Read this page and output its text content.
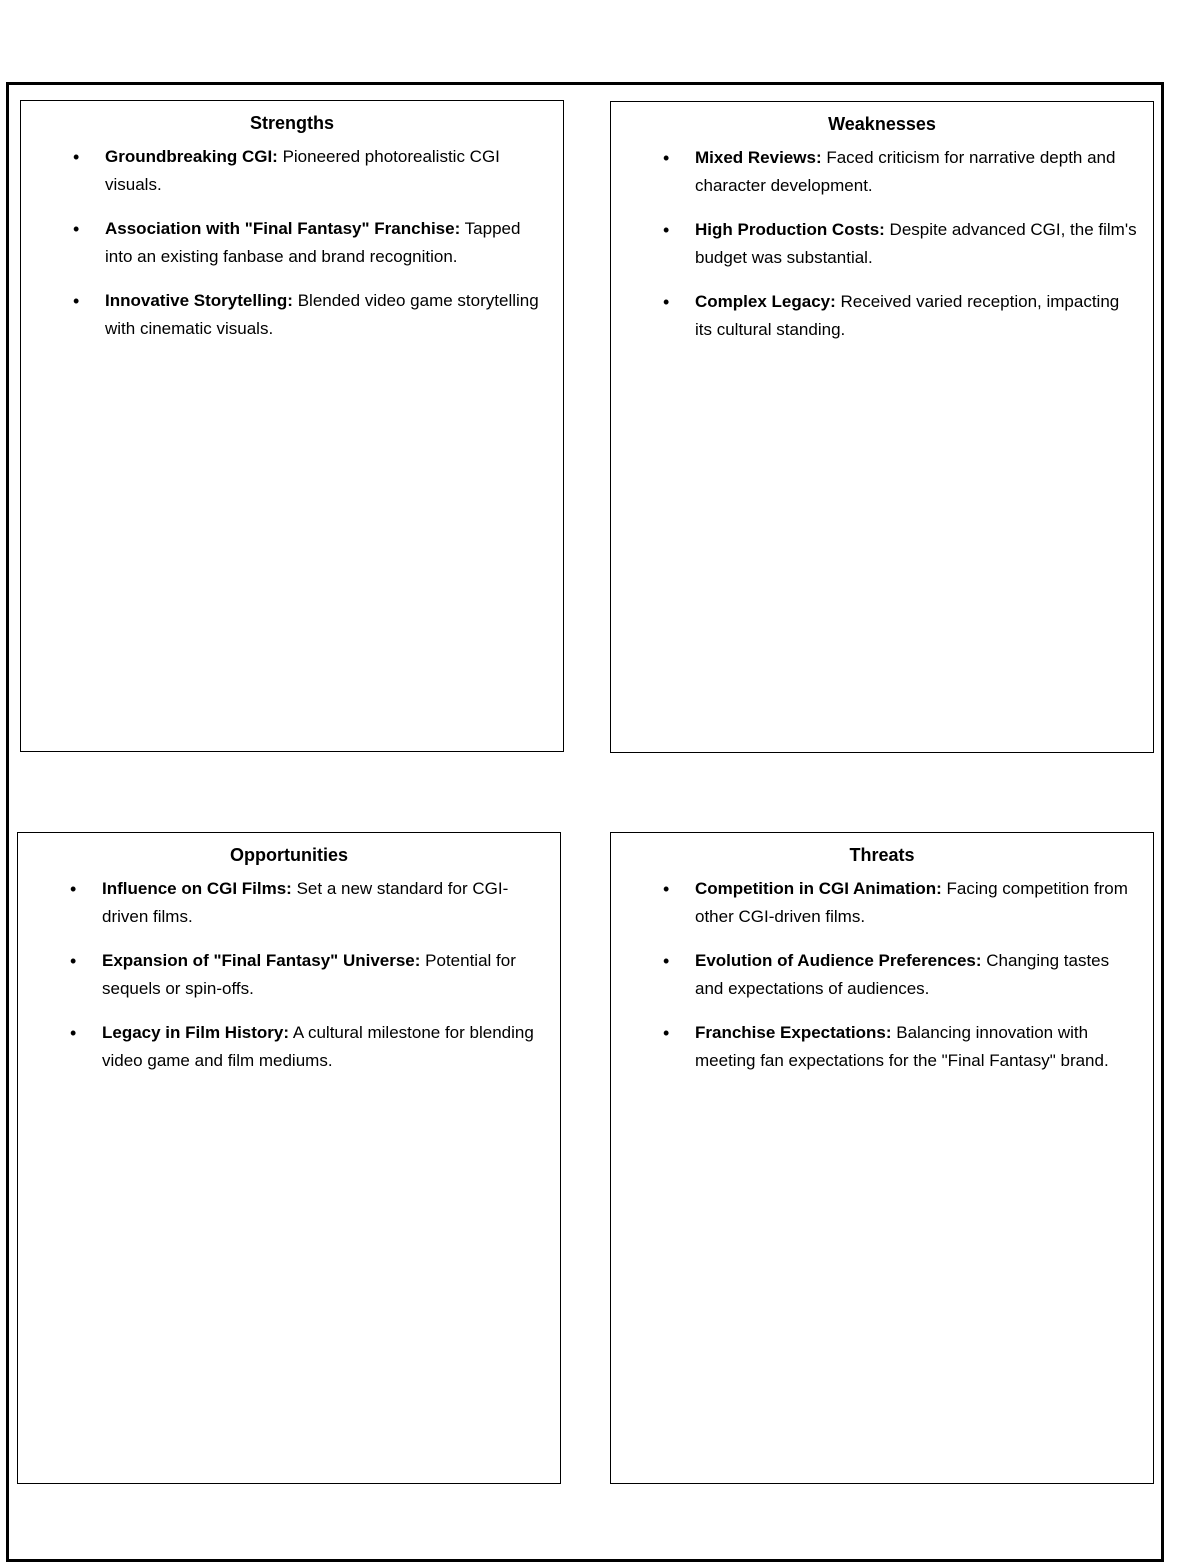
Strengths
• Groundbreaking CGI: Pioneered photorealistic CGI visuals.
• Association with "Final Fantasy" Franchise: Tapped into an existing fanbase and brand recognition.
• Innovative Storytelling: Blended video game storytelling with cinematic visuals.
Weaknesses
• Mixed Reviews: Faced criticism for narrative depth and character development.
• High Production Costs: Despite advanced CGI, the film's budget was substantial.
• Complex Legacy: Received varied reception, impacting its cultural standing.
Opportunities
• Influence on CGI Films: Set a new standard for CGI-driven films.
• Expansion of "Final Fantasy" Universe: Potential for sequels or spin-offs.
• Legacy in Film History: A cultural milestone for blending video game and film mediums.
Threats
• Competition in CGI Animation: Facing competition from other CGI-driven films.
• Evolution of Audience Preferences: Changing tastes and expectations of audiences.
• Franchise Expectations: Balancing innovation with meeting fan expectations for the "Final Fantasy" brand.
